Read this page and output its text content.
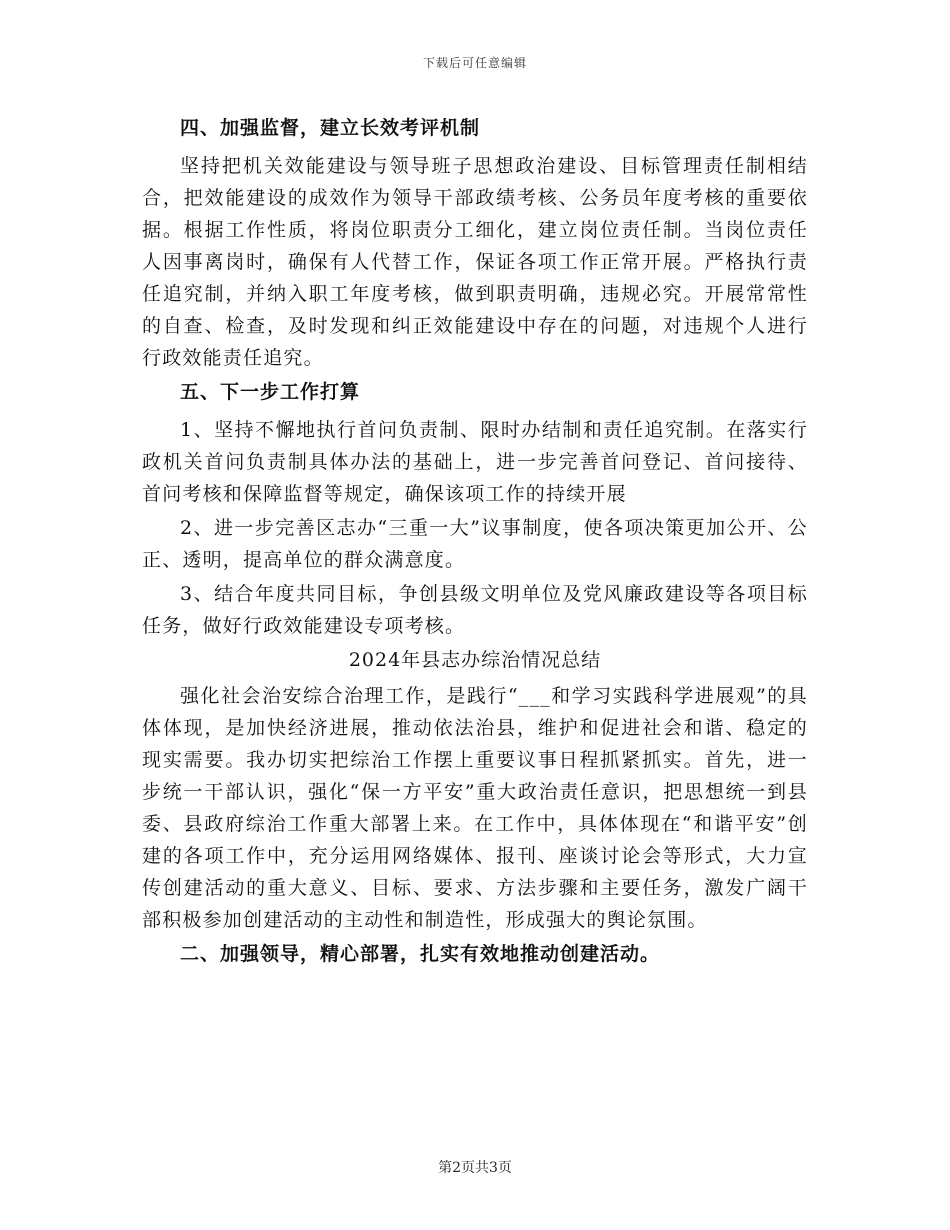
下载后可任意编辑

四、加强监督，建立长效考评机制

坚持把机关效能建设与领导班子思想政治建设、目标管理责任制相结合，把效能建设的成效作为领导干部政绩考核、公务员年度考核的重要依据。根据工作性质，将岗位职责分工细化，建立岗位责任制。当岗位责任人因事离岗时，确保有人代替工作，保证各项工作正常开展。严格执行责任追究制，并纳入职工年度考核，做到职责明确，违规必究。开展常常性的自查、检查，及时发现和纠正效能建设中存在的问题，对违规个人进行行政效能责任追究。

五、下一步工作打算

1、坚持不懈地执行首问负责制、限时办结制和责任追究制。在落实行政机关首问负责制具体办法的基础上，进一步完善首问登记、首问接待、首问考核和保障监督等规定，确保该项工作的持续开展

2、进一步完善区志办“三重一大”议事制度，使各项决策更加公开、公正、透明，提高单位的群众满意度。

3、结合年度共同目标，争创县级文明单位及党风廉政建设等各项目标任务，做好行政效能建设专项考核。

2024年县志办综治情况总结

强化社会治安综合治理工作，是践行“___和学习实践科学进展观”的具体体现，是加快经济进展，推动依法治县，维护和促进社会和谐、稳定的现实需要。我办切实把综治工作摆上重要议事日程抓紧抓实。首先，进一步统一干部认识，强化“保一方平安”重大政治责任意识，把思想统一到县委、县政府综治工作重大部署上来。在工作中，具体体现在“和谐平安”创建的各项工作中，充分运用网络媒体、报刊、座谈讨论会等形式，大力宣传创建活动的重大意义、目标、要求、方法步骤和主要任务，激发广阔干部积极参加创建活动的主动性和制造性，形成强大的舆论氛围。

二、加强领导，精心部署，扎实有效地推动创建活动。

第2页共3页
